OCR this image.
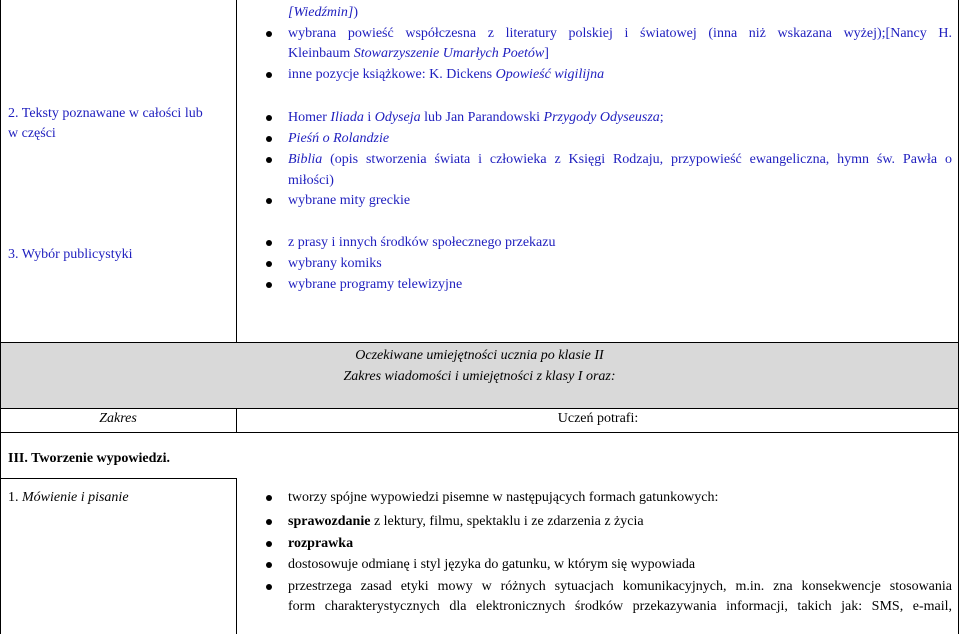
[Wiedźmin])
wybrana powieść współczesna z literatury polskiej i światowej (inna niż wskazana wyżej);[Nancy H.
Kleinbaum Stowarzyszenie Umarłych Poetów]
inne pozycje książkowe: K. Dickens Opowieść wigilijna
2. Teksty poznawane w całości lub
w części
Homer Iliada i Odyseja lub Jan Parandowski Przygody Odyseusza;
Pieśń o Rolandzie
Biblia (opis stworzenia świata i człowieka z Księgi Rodzaju, przypowieść ewangeliczna, hymn św. Pawła o
miłości)
wybrane mity greckie
3. Wybór publicystyki
z prasy i innych środków społecznego przekazu
wybrany komiks
wybrane programy telewizyjne
Oczekiwane umiejętności ucznia po klasie II
Zakres wiadomości i umiejętności z klasy I oraz:
Zakres	Uczeń potrafi:
III. Tworzenie wypowiedzi.
1. Mówienie i pisanie	tworzy spójne wypowiedzi pisemne w następujących formach gatunkowych:
sprawozdanie z lektury, filmu, spektaklu i ze zdarzenia z życia
rozprawka
dostosowuje odmianę i styl języka do gatunku, w którym się wypowiada
przestrzega zasad etyki mowy w różnych sytuacjach komunikacyjnych, m.in. zna konsekwencje stosowania
form charakterystycznych dla elektronicznych środków przekazywania informacji, takich jak: SMS, e-mail,
